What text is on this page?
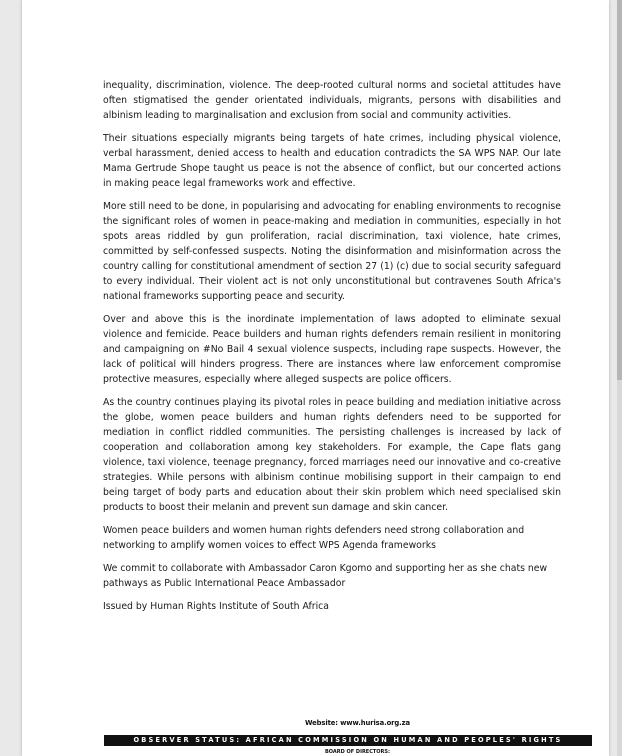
inequality, discrimination, violence. The deep-rooted cultural norms and societal attitudes have often stigmatised the gender orientated individuals, migrants, persons with disabilities and albinism leading to marginalisation and exclusion from social and community activities.

Their situations especially migrants being targets of hate crimes, including physical violence, verbal harassment, denied access to health and education contradicts the SA WPS NAP. Our late Mama Gertrude Shope taught us peace is not the absence of conflict, but our concerted actions in making peace legal frameworks work and effective.

More still need to be done, in popularising and advocating for enabling environments to recognise the significant roles of women in peace-making and mediation in communities, especially in hot spots areas riddled by gun proliferation, racial discrimination, taxi violence, hate crimes, committed by self-confessed suspects. Noting the disinformation and misinformation across the country calling for constitutional amendment of section 27 (1) (c) due to social security safeguard to every individual. Their violent act is not only unconstitutional but contravenes South Africa's national frameworks supporting peace and security.

Over and above this is the inordinate implementation of laws adopted to eliminate sexual violence and femicide. Peace builders and human rights defenders remain resilient in monitoring and campaigning on #No Bail 4 sexual violence suspects, including rape suspects. However, the lack of political will hinders progress. There are instances where law enforcement compromise protective measures, especially where alleged suspects are police officers.

As the country continues playing its pivotal roles in peace building and mediation initiative across the globe, women peace builders and human rights defenders need to be supported for mediation in conflict riddled communities. The persisting challenges is increased by lack of cooperation and collaboration among key stakeholders. For example, the Cape flats gang violence, taxi violence, teenage pregnancy, forced marriages need our innovative and co-creative strategies. While persons with albinism continue mobilising support in their campaign to end being target of body parts and education about their skin problem which need specialised skin products to boost their melanin and prevent sun damage and skin cancer.

Women peace builders and women human rights defenders need strong collaboration and networking to amplify women voices to effect WPS Agenda frameworks

We commit to collaborate with Ambassador Caron Kgomo and supporting her as she chats new pathways as Public International Peace Ambassador

Issued by Human Rights Institute of South Africa

Website: www.hurisa.org.za
OBSERVER STATUS: AFRICAN COMMISSION ON HUMAN AND PEOPLES' RIGHTS
BOARD OF DIRECTORS:
